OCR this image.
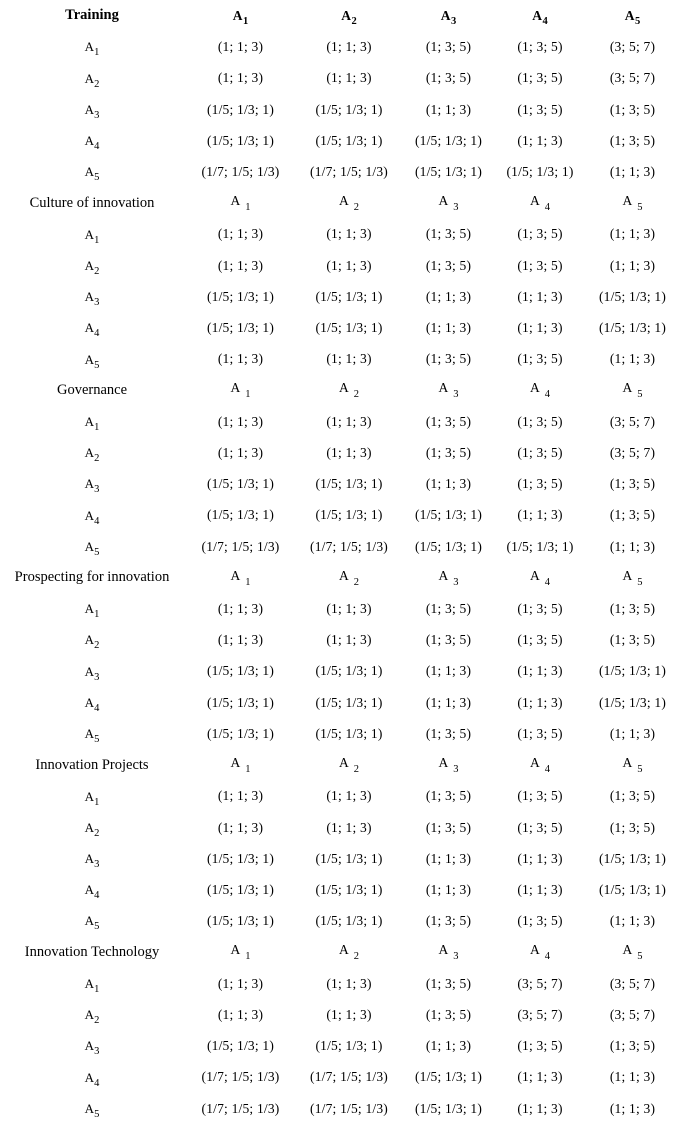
Training	$A_1$	$A_2$	$A_3$	$A_4$	$A_5$
$A_1$	(1; 1; 3)	(1; 1; 3)	(1; 3; 5)	(1; 3; 5)	(3; 5; 7)
$A_2$	(1; 1; 3)	(1; 1; 3)	(1; 3; 5)	(1; 3; 5)	(3; 5; 7)
$A_3$	(1/5; 1/3; 1)	(1/5; 1/3; 1)	(1; 1; 3)	(1; 3; 5)	(1; 3; 5)
$A_4$	(1/5; 1/3; 1)	(1/5; 1/3; 1)	(1/5; 1/3; 1)	(1; 1; 3)	(1; 3; 5)
$A_5$	(1/7; 1/5; 1/3)	(1/7; 1/5; 1/3)	(1/5; 1/3; 1)	(1/5; 1/3; 1)	(1; 1; 3)
Culture of innovation	A $_1$	A $_2$	A $_3$	A $_4$	A $_5$
$A_1$	(1; 1; 3)	(1; 1; 3)	(1; 3; 5)	(1; 3; 5)	(1; 1; 3)
$A_2$	(1; 1; 3)	(1; 1; 3)	(1; 3; 5)	(1; 3; 5)	(1; 1; 3)
$A_3$	(1/5; 1/3; 1)	(1/5; 1/3; 1)	(1; 1; 3)	(1; 1; 3)	(1/5; 1/3; 1)
$A_4$	(1/5; 1/3; 1)	(1/5; 1/3; 1)	(1; 1; 3)	(1; 1; 3)	(1/5; 1/3; 1)
$A_5$	(1; 1; 3)	(1; 1; 3)	(1; 3; 5)	(1; 3; 5)	(1; 1; 3)
Governance	A $_1$	A $_2$	A $_3$	A $_4$	A $_5$
$A_1$	(1; 1; 3)	(1; 1; 3)	(1; 3; 5)	(1; 3; 5)	(3; 5; 7)
$A_2$	(1; 1; 3)	(1; 1; 3)	(1; 3; 5)	(1; 3; 5)	(3; 5; 7)
$A_3$	(1/5; 1/3; 1)	(1/5; 1/3; 1)	(1; 1; 3)	(1; 3; 5)	(1; 3; 5)
$A_4$	(1/5; 1/3; 1)	(1/5; 1/3; 1)	(1/5; 1/3; 1)	(1; 1; 3)	(1; 3; 5)
$A_5$	(1/7; 1/5; 1/3)	(1/7; 1/5; 1/3)	(1/5; 1/3; 1)	(1/5; 1/3; 1)	(1; 1; 3)
Prospecting for innovation	A $_1$	A $_2$	A $_3$	A $_4$	A $_5$
$A_1$	(1; 1; 3)	(1; 1; 3)	(1; 3; 5)	(1; 3; 5)	(1; 3; 5)
$A_2$	(1; 1; 3)	(1; 1; 3)	(1; 3; 5)	(1; 3; 5)	(1; 3; 5)
$A_3$	(1/5; 1/3; 1)	(1/5; 1/3; 1)	(1; 1; 3)	(1; 1; 3)	(1/5; 1/3; 1)
$A_4$	(1/5; 1/3; 1)	(1/5; 1/3; 1)	(1; 1; 3)	(1; 1; 3)	(1/5; 1/3; 1)
$A_5$	(1/5; 1/3; 1)	(1/5; 1/3; 1)	(1; 3; 5)	(1; 3; 5)	(1; 1; 3)
Innovation Projects	A $_1$	A $_2$	A $_3$	A $_4$	A $_5$
$A_1$	(1; 1; 3)	(1; 1; 3)	(1; 3; 5)	(1; 3; 5)	(1; 3; 5)
$A_2$	(1; 1; 3)	(1; 1; 3)	(1; 3; 5)	(1; 3; 5)	(1; 3; 5)
$A_3$	(1/5; 1/3; 1)	(1/5; 1/3; 1)	(1; 1; 3)	(1; 1; 3)	(1/5; 1/3; 1)
$A_4$	(1/5; 1/3; 1)	(1/5; 1/3; 1)	(1; 1; 3)	(1; 1; 3)	(1/5; 1/3; 1)
$A_5$	(1/5; 1/3; 1)	(1/5; 1/3; 1)	(1; 3; 5)	(1; 3; 5)	(1; 1; 3)
Innovation Technology	A $_1$	A $_2$	A $_3$	A $_4$	A $_5$
$A_1$	(1; 1; 3)	(1; 1; 3)	(1; 3; 5)	(3; 5; 7)	(3; 5; 7)
$A_2$	(1; 1; 3)	(1; 1; 3)	(1; 3; 5)	(3; 5; 7)	(3; 5; 7)
$A_3$	(1/5; 1/3; 1)	(1/5; 1/3; 1)	(1; 1; 3)	(1; 3; 5)	(1; 3; 5)
$A_4$	(1/7; 1/5; 1/3)	(1/7; 1/5; 1/3)	(1/5; 1/3; 1)	(1; 1; 3)	(1; 1; 3)
$A_5$	(1/7; 1/5; 1/3)	(1/7; 1/5; 1/3)	(1/5; 1/3; 1)	(1; 1; 3)	(1; 1; 3)
